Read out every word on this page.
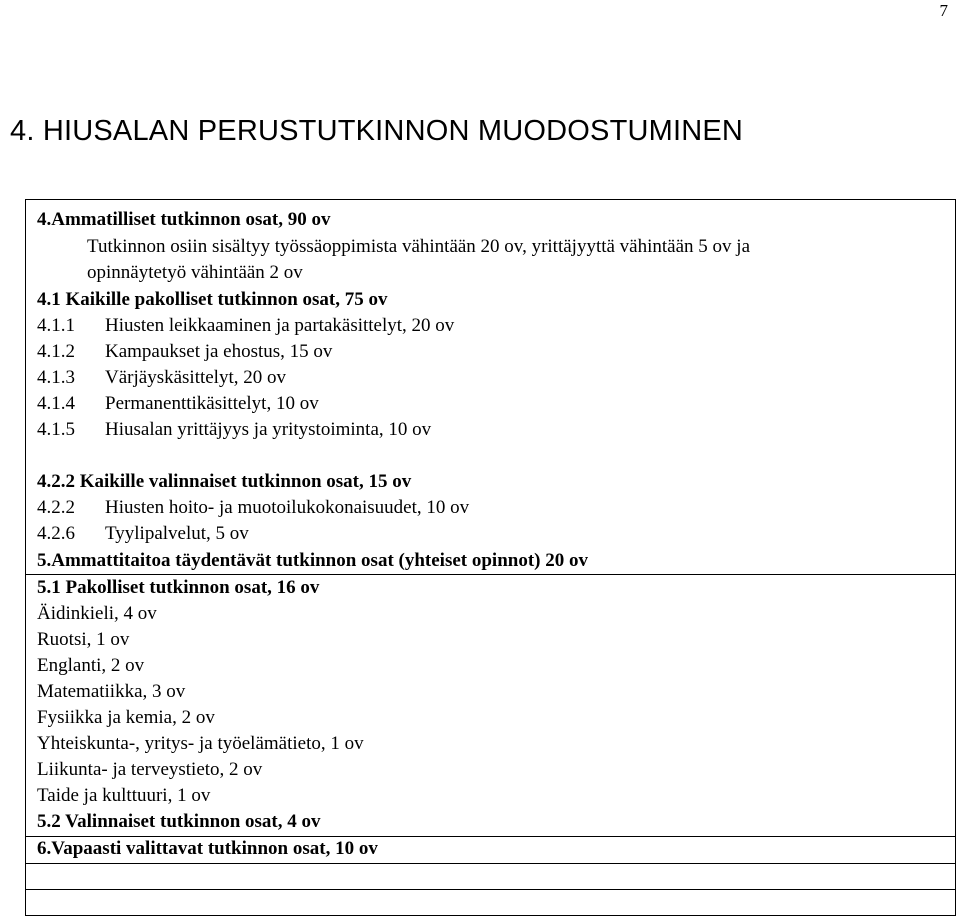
7
4. HIUSALAN PERUSTUTKINNON MUODOSTUMINEN
4.Ammatilliset tutkinnon osat, 90 ov
Tutkinnon osiin sisältyy työssäoppimista vähintään 20 ov, yrittäjyyttä vähintään 5 ov ja
opinnäytetyö vähintään 2 ov
4.1 Kaikille pakolliset tutkinnon osat, 75 ov
4.1.1 Hiusten leikkaaminen ja partakäsittelyt, 20 ov
4.1.2 Kampaukset ja ehostus, 15 ov
4.1.3 Värjäyskäsittelyt, 20 ov
4.1.4 Permanenttikäsittelyt, 10 ov
4.1.5 Hiusalan yrittäjyys ja yritystoiminta, 10 ov
4.2.2 Kaikille valinnaiset tutkinnon osat, 15 ov
4.2.2 Hiusten hoito- ja muotoilukokonaisuudet, 10 ov
4.2.6 Tyylipalvelut, 5 ov
5.Ammattitaitoa täydentävät tutkinnon osat (yhteiset opinnot) 20 ov
5.1 Pakolliset tutkinnon osat, 16 ov
Äidinkieli, 4 ov
Ruotsi, 1 ov
Englanti, 2 ov
Matematiikka, 3 ov
Fysiikka ja kemia, 2 ov
Yhteiskunta-, yritys- ja työelämätieto, 1 ov
Liikunta- ja terveystieto, 2 ov
Taide ja kulttuuri, 1 ov
5.2 Valinnaiset tutkinnon osat, 4 ov
6.Vapaasti valittavat tutkinnon osat, 10 ov
